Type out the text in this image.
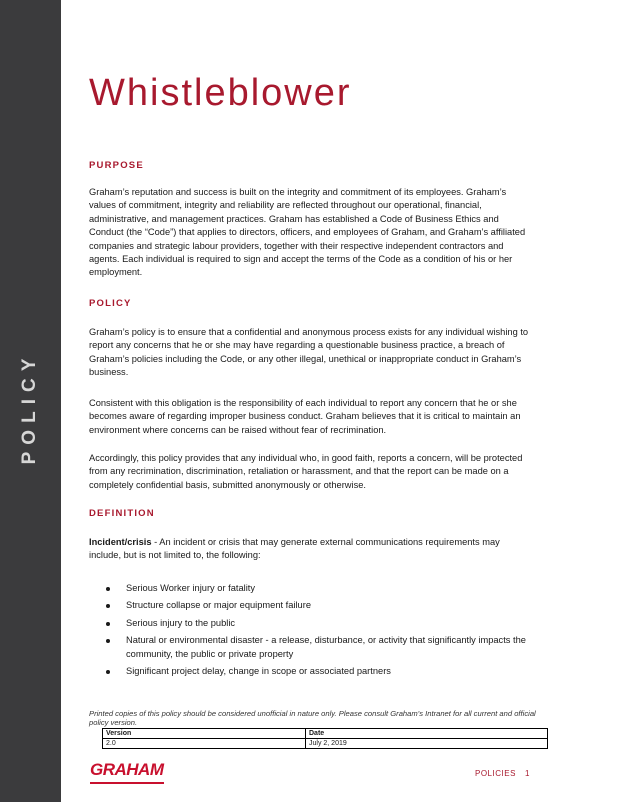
POLICY
Whistleblower
PURPOSE

Graham’s reputation and success is built on the integrity and commitment of its employees. Graham’s values of commitment, integrity and reliability are reflected throughout our operational, financial, administrative, and management practices. Graham has established a Code of Business Ethics and Conduct (the “Code”) that applies to directors, officers, and employees of Graham, and Graham’s affiliated companies and strategic labour providers, together with their respective independent contractors and agents. Each individual is required to sign and accept the terms of the Code as a condition of his or her employment.

POLICY

Graham’s policy is to ensure that a confidential and anonymous process exists for any individual wishing to report any concerns that he or she may have regarding a questionable business practice, a breach of Graham’s policies including the Code, or any other illegal, unethical or inappropriate conduct in Graham’s business.

Consistent with this obligation is the responsibility of each individual to report any concern that he or she becomes aware of regarding improper business conduct. Graham believes that it is critical to maintain an environment where concerns can be raised without fear of recrimination.

Accordingly, this policy provides that any individual who, in good faith, reports a concern, will be protected from any recrimination, discrimination, retaliation or harassment, and that the report can be made on a completely confidential basis, submitted anonymously or otherwise.

DEFINITION

Incident/crisis - An incident or crisis that may generate external communications requirements may include, but is not limited to, the following:

Serious Worker injury or fatality
Structure collapse or major equipment failure
Serious injury to the public
Natural or environmental disaster - a release, disturbance, or activity that significantly impacts the community, the public or private property
Significant project delay, change in scope or associated partners
Printed copies of this policy should be considered unofficial in nature only. Please consult Graham’s Intranet for all current and official policy version.
Version	Date
2.0	July 2, 2019
GRAHAM	POLICIES 1
